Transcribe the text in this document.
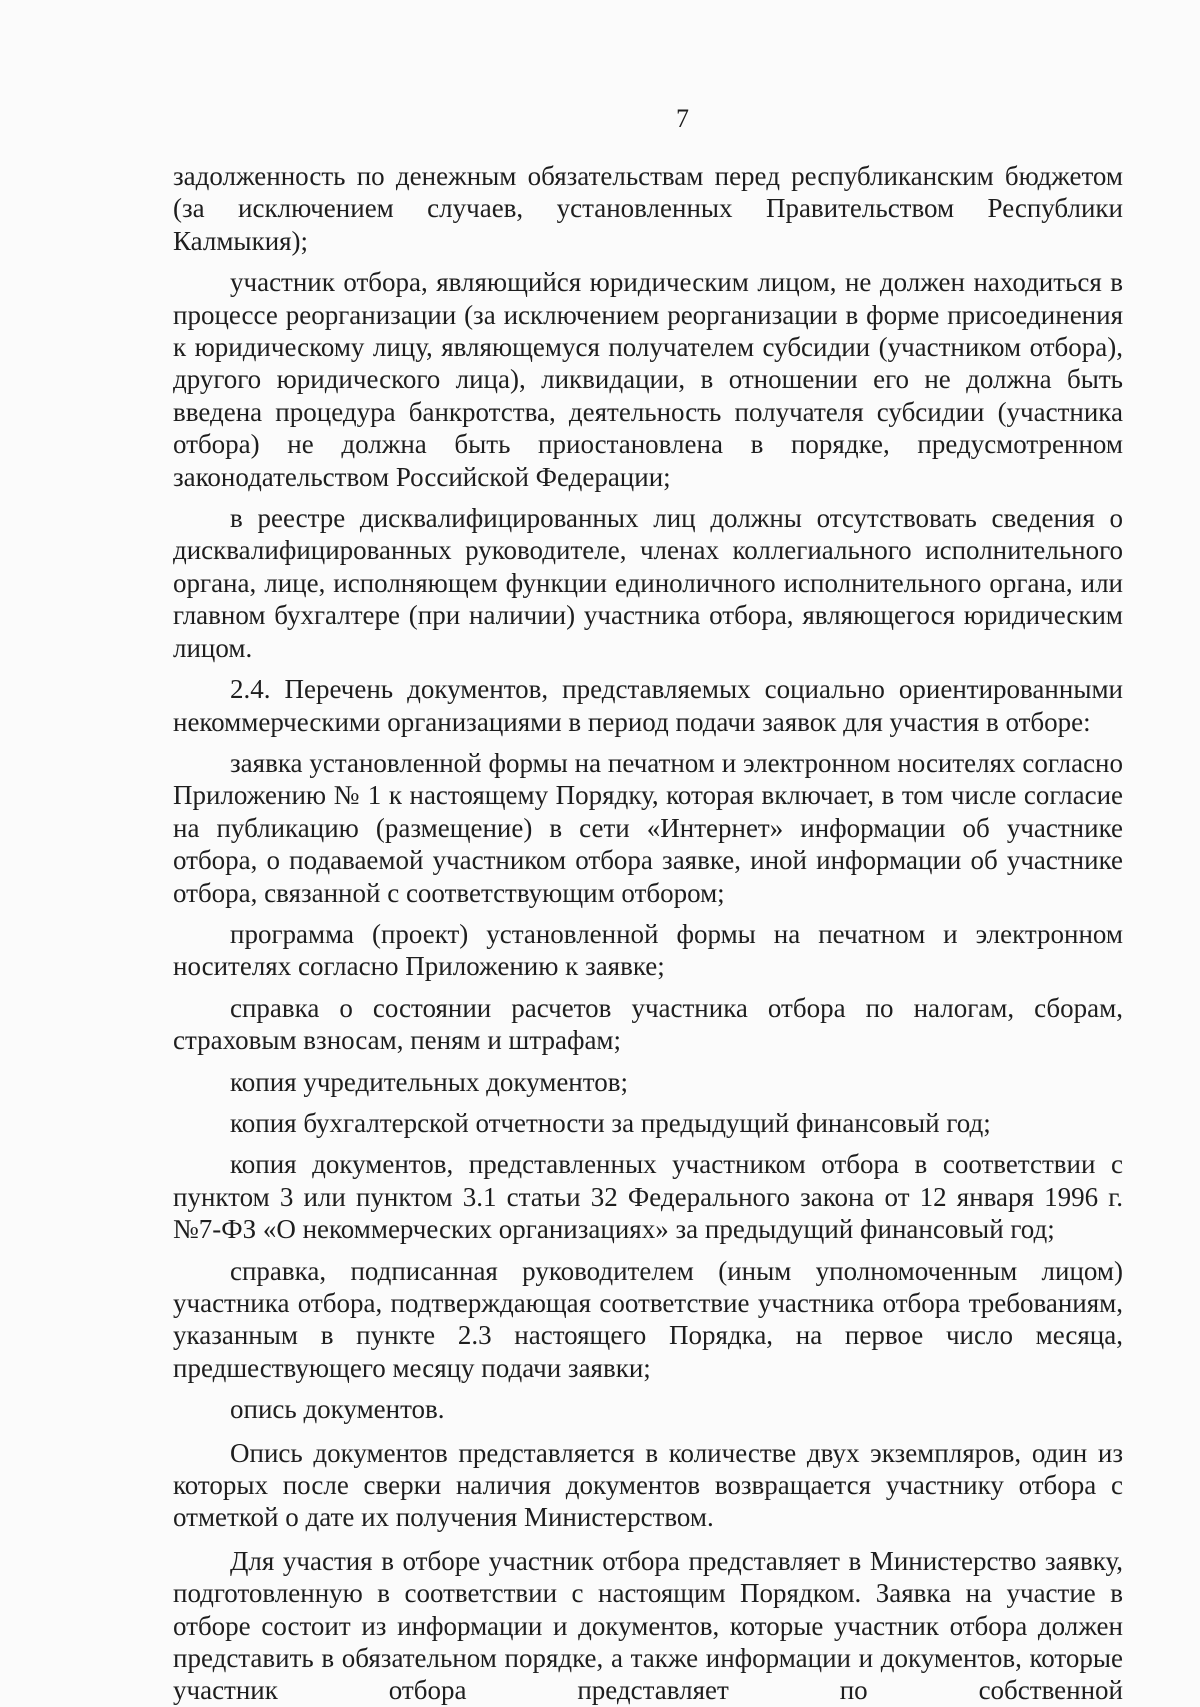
7

задолженность по денежным обязательствам перед республиканским бюджетом (за исключением случаев, установленных Правительством Республики Калмыкия);

участник отбора, являющийся юридическим лицом, не должен находиться в процессе реорганизации (за исключением реорганизации в форме присоединения к юридическому лицу, являющемуся получателем субсидии (участником отбора), другого юридического лица), ликвидации, в отношении его не должна быть введена процедура банкротства, деятельность получателя субсидии (участника отбора) не должна быть приостановлена в порядке, предусмотренном законодательством Российской Федерации;

в реестре дисквалифицированных лиц должны отсутствовать сведения о дисквалифицированных руководителе, членах коллегиального исполнительного органа, лице, исполняющем функции единоличного исполнительного органа, или главном бухгалтере (при наличии) участника отбора, являющегося юридическим лицом.

2.4. Перечень документов, представляемых социально ориентированными некоммерческими организациями в период подачи заявок для участия в отборе:

заявка установленной формы на печатном и электронном носителях согласно Приложению № 1 к настоящему Порядку, которая включает, в том числе согласие на публикацию (размещение) в сети «Интернет» информации об участнике отбора, о подаваемой участником отбора заявке, иной информации об участнике отбора, связанной с соответствующим отбором;

программа (проект) установленной формы на печатном и электронном носителях согласно Приложению к заявке;

справка о состоянии расчетов участника отбора по налогам, сборам, страховым взносам, пеням и штрафам;

копия учредительных документов;

копия бухгалтерской отчетности за предыдущий финансовый год;

копия документов, представленных участником отбора в соответствии с пунктом 3 или пунктом 3.1 статьи 32 Федерального закона от 12 января 1996 г. №7-ФЗ «О некоммерческих организациях» за предыдущий финансовый год;

справка, подписанная руководителем (иным уполномоченным лицом) участника отбора, подтверждающая соответствие участника отбора требованиям, указанным в пункте 2.3 настоящего Порядка, на первое число месяца, предшествующего месяцу подачи заявки;

опись документов.

Опись документов представляется в количестве двух экземпляров, один из которых после сверки наличия документов возвращается участнику отбора с отметкой о дате их получения Министерством.

Для участия в отборе участник отбора представляет в Министерство заявку, подготовленную в соответствии с настоящим Порядком. Заявка на участие в отборе состоит из информации и документов, которые участник отбора должен представить в обязательном порядке, а также информации и документов, которые участник отбора представляет по собственной
